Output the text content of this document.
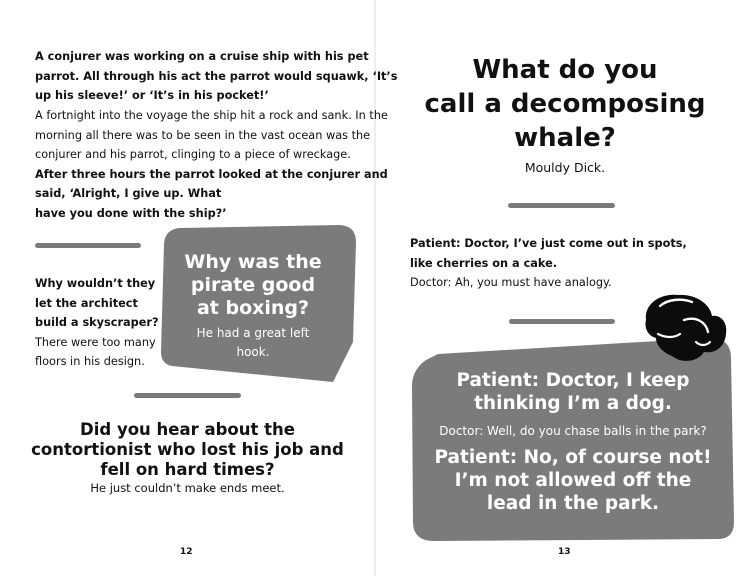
A conjurer was working on a cruise ship with his pet
parrot. All through his act the parrot would squawk, ‘It’s
up his sleeve!’ or ‘It’s in his pocket!’
A fortnight into the voyage the ship hit a rock and sank. In the
morning all there was to be seen in the vast ocean was the
conjurer and his parrot, clinging to a piece of wreckage.
After three hours the parrot looked at the conjurer and
said, ‘Alright, I give up. What
have you done with the ship?’
Why wouldn’t they
let the architect
build a skyscraper?
There were too many
floors in his design.
Why was the
pirate good
at boxing?
He had a great left
hook.
Did you hear about the
contortionist who lost his job and
fell on hard times?
He just couldn’t make ends meet.
12
What do you
call a decomposing
whale?
Mouldy Dick.
Patient: Doctor, I’ve just come out in spots,
like cherries on a cake.
Doctor: Ah, you must have analogy.
Patient: Doctor, I keep
thinking I’m a dog.
Doctor: Well, do you chase balls in the park?
Patient: No, of course not!
I’m not allowed off the
lead in the park.
13
